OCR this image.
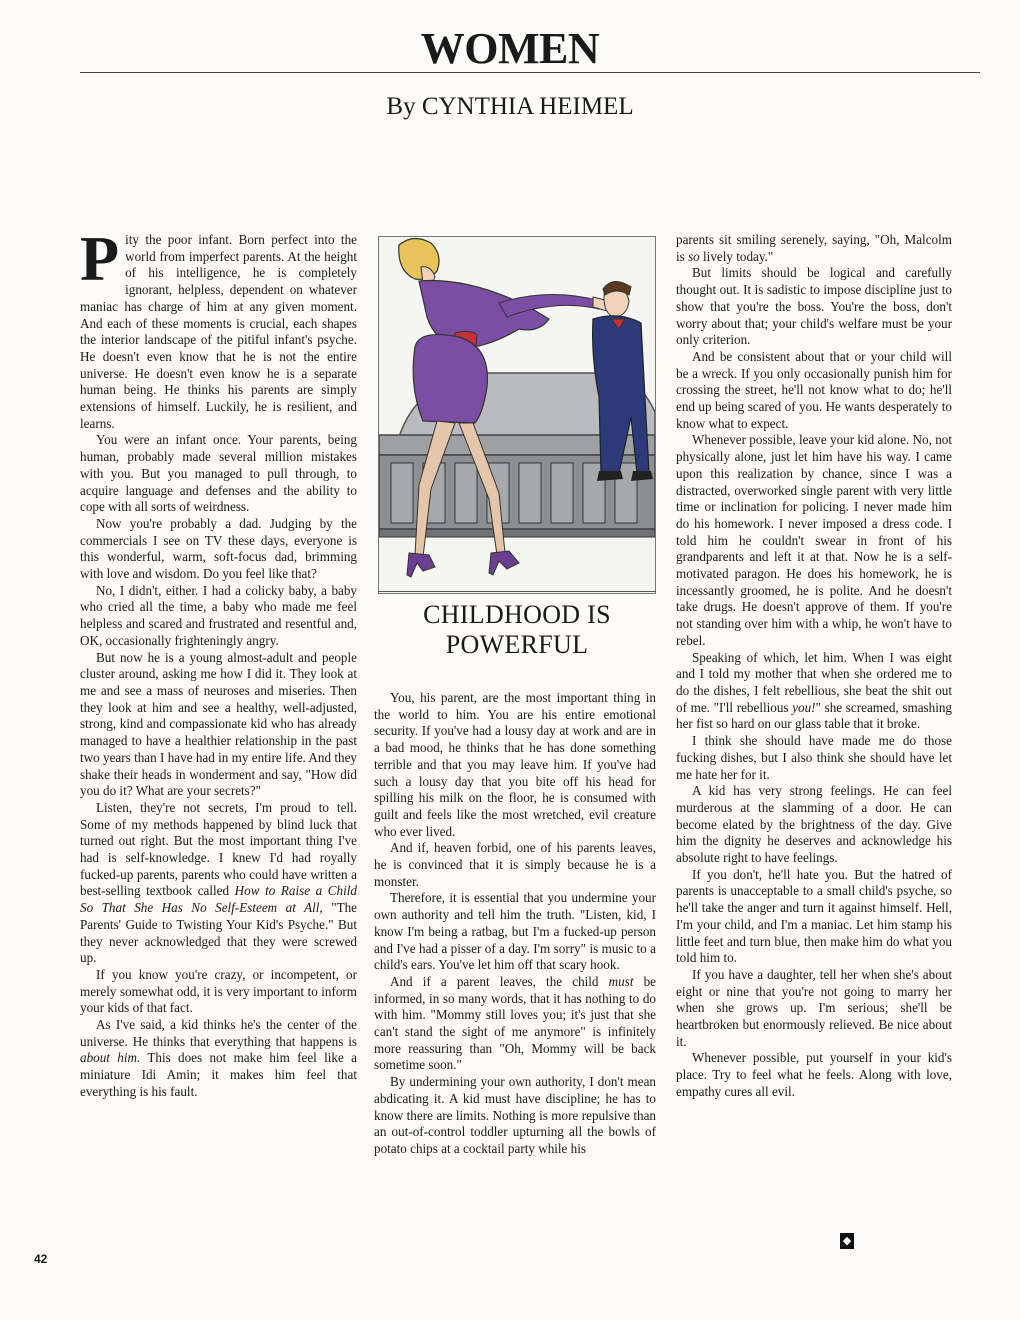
WOMEN
By CYNTHIA HEIMEL

Pity the poor infant. Born perfect into the world from imperfect parents. At the height of his intelligence, he is completely ignorant, helpless, dependent on whatever maniac has charge of him at any given moment. And each of these moments is crucial, each shapes the interior landscape of the pitiful infant's psyche. He doesn't even know that he is not the entire universe. He doesn't even know he is a separate human being. He thinks his parents are simply extensions of himself. Luckily, he is resilient, and learns.

You were an infant once. Your parents, being human, probably made several million mistakes with you. But you managed to pull through, to acquire language and defenses and the ability to cope with all sorts of weirdness.

Now you're probably a dad. Judging by the commercials I see on TV these days, everyone is this wonderful, warm, soft-focus dad, brimming with love and wisdom. Do you feel like that?

No, I didn't, either. I had a colicky baby, a baby who cried all the time, a baby who made me feel helpless and scared and frustrated and resentful and, OK, occasionally frighteningly angry.

But now he is a young almost-adult and people cluster around, asking me how I did it. They look at me and see a mass of neuroses and miseries. Then they look at him and see a healthy, well-adjusted, strong, kind and compassionate kid who has already managed to have a healthier relationship in the past two years than I have had in my entire life. And they shake their heads in wonderment and say, "How did you do it? What are your secrets?"

Listen, they're not secrets, I'm proud to tell. Some of my methods happened by blind luck that turned out right. But the most important thing I've had is self-knowledge. I knew I'd had royally fucked-up parents, parents who could have written a best-selling textbook called How to Raise a Child So That She Has No Self-Esteem at All, "The Parents' Guide to Twisting Your Kid's Psyche." But they never acknowledged that they were screwed up.

If you know you're crazy, or incompetent, or merely somewhat odd, it is very important to inform your kids of that fact.

As I've said, a kid thinks he's the center of the universe. He thinks that everything that happens is about him. This does not make him feel like a miniature Idi Amin; it makes him feel that everything is his fault.

CHILDHOOD IS
POWERFUL

You, his parent, are the most important thing in the world to him. You are his entire emotional security. If you've had a lousy day at work and are in a bad mood, he thinks that he has done something terrible and that you may leave him. If you've had such a lousy day that you bite off his head for spilling his milk on the floor, he is consumed with guilt and feels like the most wretched, evil creature who ever lived.

And if, heaven forbid, one of his parents leaves, he is convinced that it is simply because he is a monster.

Therefore, it is essential that you undermine your own authority and tell him the truth. "Listen, kid, I know I'm being a ratbag, but I'm a fucked-up person and I've had a pisser of a day. I'm sorry" is music to a child's ears. You've let him off that scary hook.

And if a parent leaves, the child must be informed, in so many words, that it has nothing to do with him. "Mommy still loves you; it's just that she can't stand the sight of me anymore" is infinitely more reassuring than "Oh, Mommy will be back sometime soon."

By undermining your own authority, I don't mean abdicating it. A kid must have discipline; he has to know there are limits. Nothing is more repulsive than an out-of-control toddler upturning all the bowls of potato chips at a cocktail party while his

parents sit smiling serenely, saying, "Oh, Malcolm is so lively today."

But limits should be logical and carefully thought out. It is sadistic to impose discipline just to show that you're the boss. You're the boss, don't worry about that; your child's welfare must be your only criterion.

And be consistent about that or your child will be a wreck. If you only occasionally punish him for crossing the street, he'll not know what to do; he'll end up being scared of you. He wants desperately to know what to expect.

Whenever possible, leave your kid alone. No, not physically alone, just let him have his way. I came upon this realization by chance, since I was a distracted, overworked single parent with very little time or inclination for policing. I never made him do his homework. I never imposed a dress code. I told him he couldn't swear in front of his grandparents and left it at that. Now he is a self-motivated paragon. He does his homework, he is incessantly groomed, he is polite. And he doesn't take drugs. He doesn't approve of them. If you're not standing over him with a whip, he won't have to rebel.

Speaking of which, let him. When I was eight and I told my mother that when she ordered me to do the dishes, I felt rebellious, she beat the shit out of me. "I'll rebellious you!" she screamed, smashing her fist so hard on our glass table that it broke.

I think she should have made me do those fucking dishes, but I also think she should have let me hate her for it.

A kid has very strong feelings. He can feel murderous at the slamming of a door. He can become elated by the brightness of the day. Give him the dignity he deserves and acknowledge his absolute right to have feelings.

If you don't, he'll hate you. But the hatred of parents is unacceptable to a small child's psyche, so he'll take the anger and turn it against himself. Hell, I'm your child, and I'm a maniac. Let him stamp his little feet and turn blue, then make him do what you told him to.

If you have a daughter, tell her when she's about eight or nine that you're not going to marry her when she grows up. I'm serious; she'll be heartbroken but enormously relieved. Be nice about it.

Whenever possible, put yourself in your kid's place. Try to feel what he feels. Along with love, empathy cures all evil.

◆
42
